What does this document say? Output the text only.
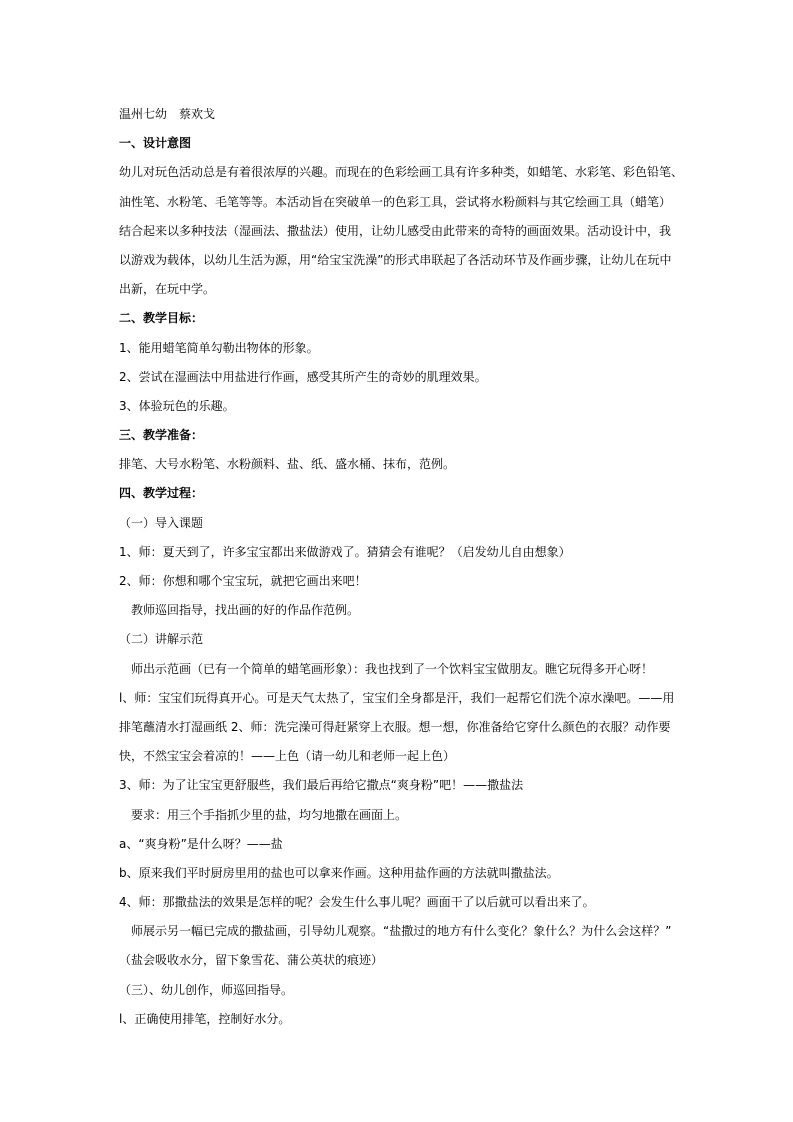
温州七幼　蔡欢戈
一、设计意图
幼儿对玩色活动总是有着很浓厚的兴趣。而现在的色彩绘画工具有许多种类，如蜡笔、水彩笔、彩色铅笔、
油性笔、水粉笔、毛笔等等。本活动旨在突破单一的色彩工具，尝试将水粉颜料与其它绘画工具（蜡笔）
结合起来以多种技法（湿画法、撒盐法）使用，让幼儿感受由此带来的奇特的画面效果。活动设计中，我
以游戏为载体，以幼儿生活为源，用“给宝宝洗澡”的形式串联起了各活动环节及作画步骤，让幼儿在玩中
出新，在玩中学。
二、教学目标：
1、能用蜡笔简单勾勒出物体的形象。
2、尝试在湿画法中用盐进行作画，感受其所产生的奇妙的肌理效果。
3、体验玩色的乐趣。
三、教学准备：
排笔、大号水粉笔、水粉颜料、盐、纸、盛水桶、抹布，范例。
四、教学过程：
（一）导入课题
1、师：夏天到了，许多宝宝都出来做游戏了。猜猜会有谁呢？（启发幼儿自由想象）
2、师：你想和哪个宝宝玩，就把它画出来吧！
教师巡回指导，找出画的好的作品作范例。
（二）讲解示范
师出示范画（已有一个简单的蜡笔画形象）：我也找到了一个饮料宝宝做朋友。瞧它玩得多开心呀！
l、师：宝宝们玩得真开心。可是天气太热了，宝宝们全身都是汗，我们一起帮它们洗个凉水澡吧。——用
排笔蘸清水打湿画纸 2、师：洗完澡可得赶紧穿上衣服。想一想，你准备给它穿什么颜色的衣服？动作要
快，不然宝宝会着凉的！——上色（请一幼儿和老师一起上色）
3、师：为了让宝宝更舒服些，我们最后再给它撒点“爽身粉”吧！——撒盐法
要求：用三个手指抓少里的盐，均匀地撒在画面上。
a、“爽身粉”是什么呀？——盐
b、原来我们平时厨房里用的盐也可以拿来作画。这种用盐作画的方法就叫撒盐法。
4、师：那撒盐法的效果是怎样的呢？会发生什么事儿呢？画面干了以后就可以看出来了。
师展示另一幅已完成的撒盐画，引导幼儿观察。“盐撒过的地方有什么变化？象什么？为什么会这样？”
（盐会吸收水分，留下象雪花、蒲公英状的痕迹）
（三）、幼儿创作，师巡回指导。
l、正确使用排笔，控制好水分。
